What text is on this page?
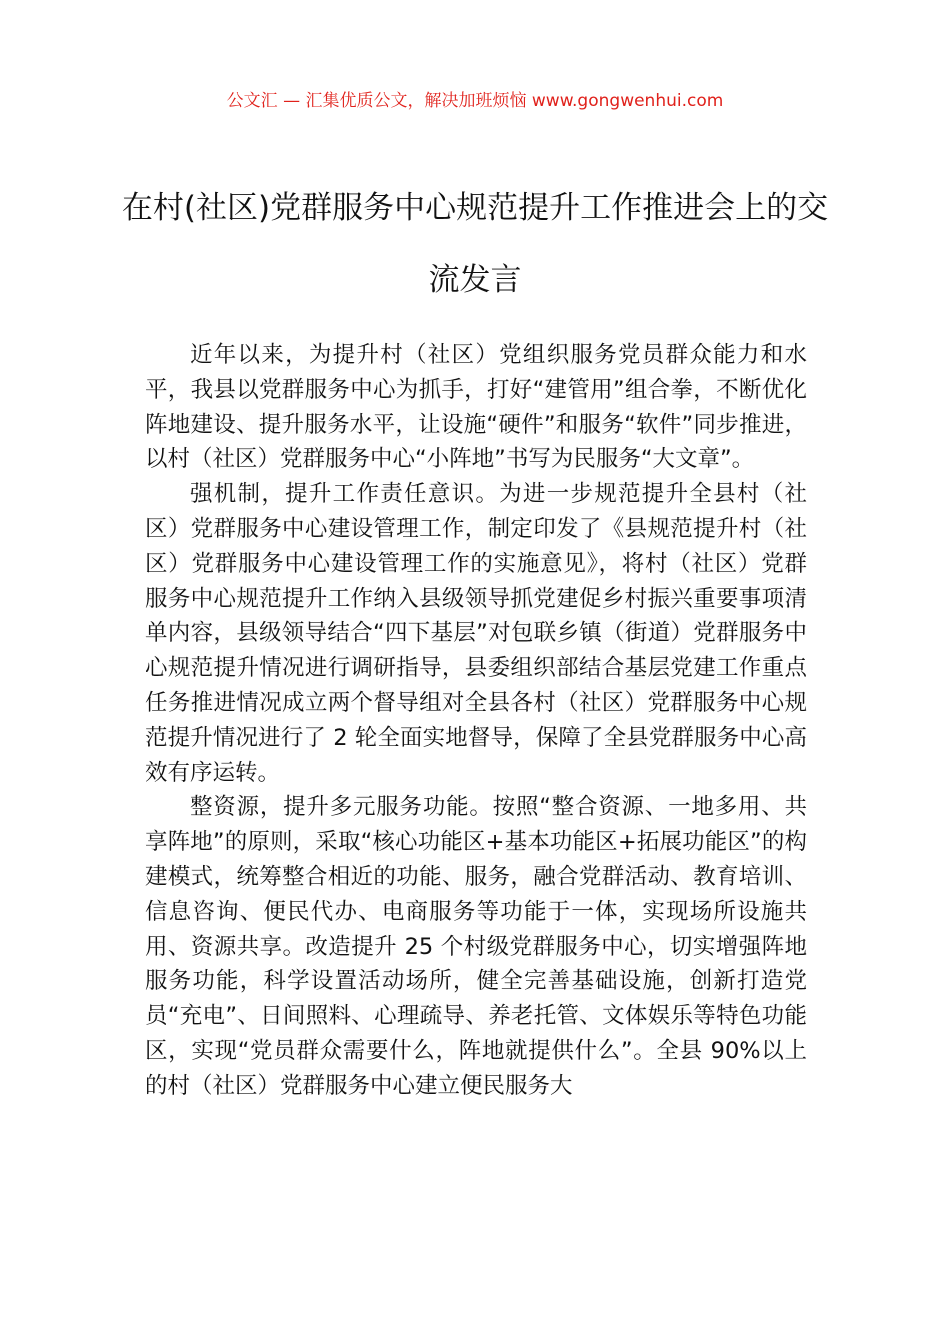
公文汇 — 汇集优质公文，解决加班烦恼 www.gongwenhui.com
在村(社区)党群服务中心规范提升工作推进会上的交流发言

近年以来，为提升村（社区）党组织服务党员群众能力和水平，我县以党群服务中心为抓手，打好“建管用”组合拳，不断优化阵地建设、提升服务水平，让设施“硬件”和服务“软件”同步推进，以村（社区）党群服务中心“小阵地”书写为民服务“大文章”。

强机制，提升工作责任意识。为进一步规范提升全县村（社区）党群服务中心建设管理工作，制定印发了《县规范提升村（社区）党群服务中心建设管理工作的实施意见》，将村（社区）党群服务中心规范提升工作纳入县级领导抓党建促乡村振兴重要事项清单内容，县级领导结合“四下基层”对包联乡镇（街道）党群服务中心规范提升情况进行调研指导，县委组织部结合基层党建工作重点任务推进情况成立两个督导组对全县各村（社区）党群服务中心规范提升情况进行了 2 轮全面实地督导，保障了全县党群服务中心高效有序运转。

整资源，提升多元服务功能。按照“整合资源、一地多用、共享阵地”的原则，采取“核心功能区+基本功能区+拓展功能区”的构建模式，统筹整合相近的功能、服务，融合党群活动、教育培训、信息咨询、便民代办、电商服务等功能于一体，实现场所设施共用、资源共享。改造提升 25 个村级党群服务中心，切实增强阵地服务功能，科学设置活动场所，健全完善基础设施，创新打造党员“充电”、日间照料、心理疏导、养老托管、文体娱乐等特色功能区，实现“党员群众需要什么，阵地就提供什么”。全县 90%以上的村（社区）党群服务中心建立便民服务大
